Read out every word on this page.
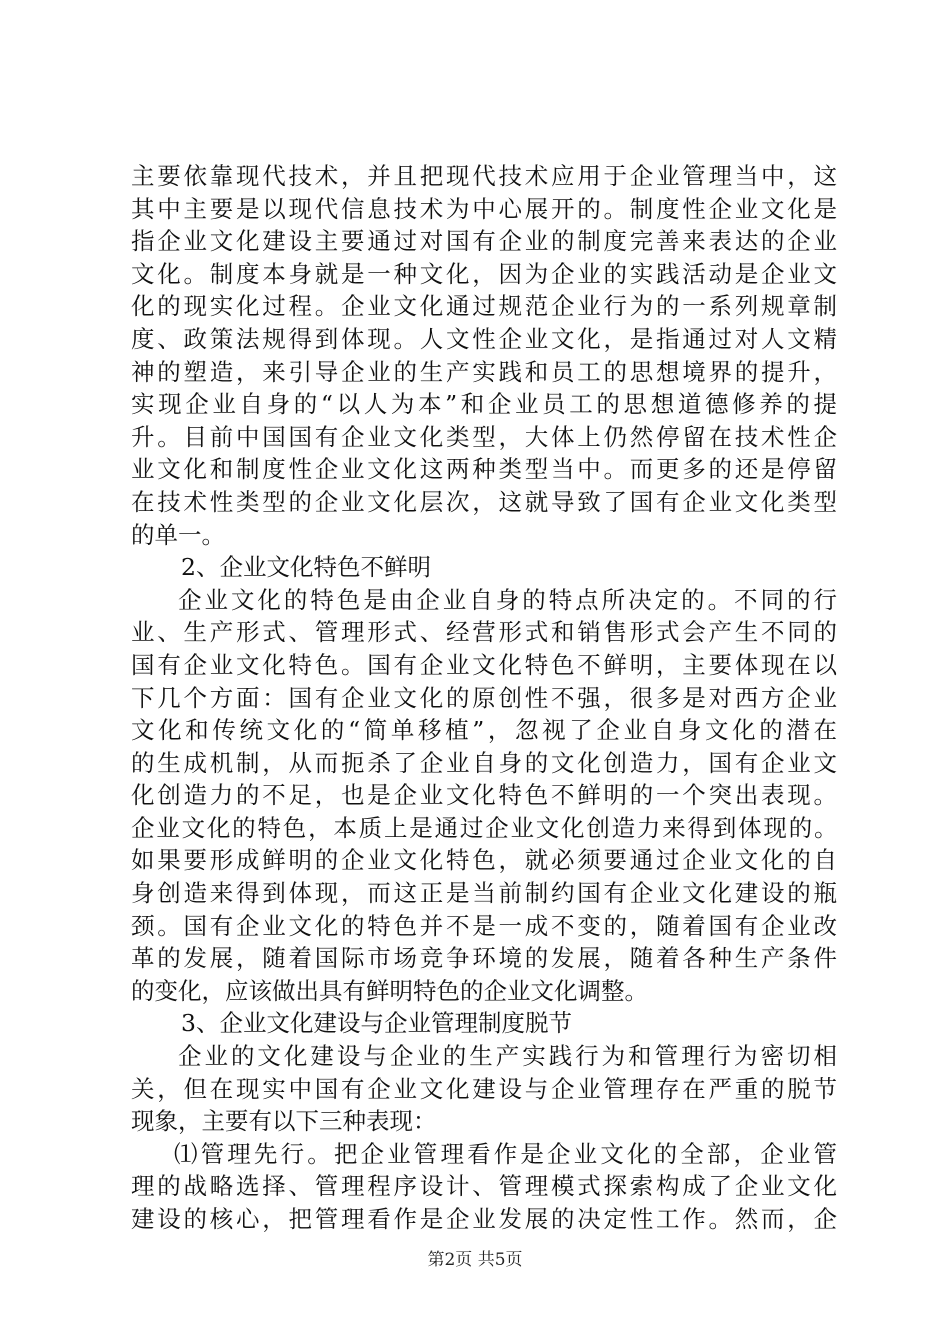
主要依靠现代技术，并且把现代技术应用于企业管理当中，这
其中主要是以现代信息技术为中心展开的。制度性企业文化是
指企业文化建设主要通过对国有企业的制度完善来表达的企业
文化。制度本身就是一种文化，因为企业的实践活动是企业文
化的现实化过程。企业文化通过规范企业行为的一系列规章制
度、政策法规得到体现。人文性企业文化，是指通过对人文精
神的塑造，来引导企业的生产实践和员工的思想境界的提升，
实现企业自身的“以人为本”和企业员工的思想道德修养的提
升。目前中国国有企业文化类型，大体上仍然停留在技术性企
业文化和制度性企业文化这两种类型当中。而更多的还是停留
在技术性类型的企业文化层次，这就导致了国有企业文化类型
的单一。
2、企业文化特色不鲜明
企业文化的特色是由企业自身的特点所决定的。不同的行
业、生产形式、管理形式、经营形式和销售形式会产生不同的
国有企业文化特色。国有企业文化特色不鲜明，主要体现在以
下几个方面：国有企业文化的原创性不强，很多是对西方企业
文化和传统文化的“简单移植”，忽视了企业自身文化的潜在
的生成机制，从而扼杀了企业自身的文化创造力，国有企业文
化创造力的不足，也是企业文化特色不鲜明的一个突出表现。
企业文化的特色，本质上是通过企业文化创造力来得到体现的。
如果要形成鲜明的企业文化特色，就必须要通过企业文化的自
身创造来得到体现，而这正是当前制约国有企业文化建设的瓶
颈。国有企业文化的特色并不是一成不变的，随着国有企业改
革的发展，随着国际市场竞争环境的发展，随着各种生产条件
的变化，应该做出具有鲜明特色的企业文化调整。
3、企业文化建设与企业管理制度脱节
企业的文化建设与企业的生产实践行为和管理行为密切相
关，但在现实中国有企业文化建设与企业管理存在严重的脱节
现象，主要有以下三种表现：
⑴管理先行。把企业管理看作是企业文化的全部，企业管
理的战略选择、管理程序设计、管理模式探索构成了企业文化
建设的核心，把管理看作是企业发展的决定性工作。然而，企
第2页 共5页
